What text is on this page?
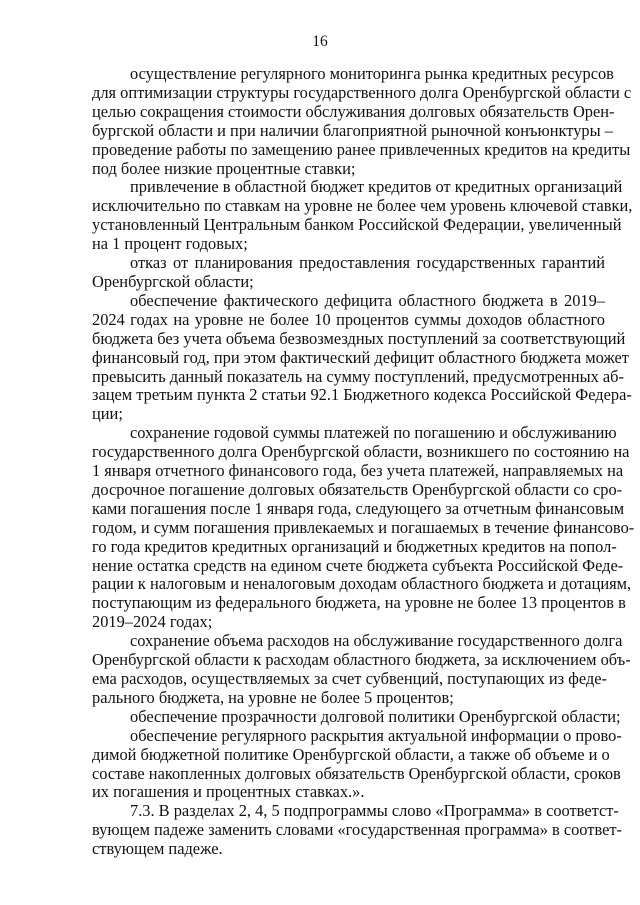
16
осуществление регулярного мониторинга рынка кредитных ресурсов
для оптимизации структуры государственного долга Оренбургской области с
целью сокращения стоимости обслуживания долговых обязательств Орен-
бургской области и при наличии благоприятной рыночной конъюнктуры –
проведение работы по замещению ранее привлеченных кредитов на кредиты
под более низкие процентные ставки;
привлечение в областной бюджет кредитов от кредитных организаций
исключительно по ставкам на уровне не более чем уровень ключевой ставки,
установленный Центральным банком Российской Федерации, увеличенный
на 1 процент годовых;
отказ от планирования предоставления государственных гарантий
Оренбургской области;
обеспечение фактического дефицита областного бюджета в 2019–
2024 годах на уровне не более 10 процентов суммы доходов областного
бюджета без учета объема безвозмездных поступлений за соответствующий
финансовый год, при этом фактический дефицит областного бюджета может
превысить данный показатель на сумму поступлений, предусмотренных аб-
зацем третьим пункта 2 статьи 92.1 Бюджетного кодекса Российской Федера-
ции;
сохранение годовой суммы платежей по погашению и обслуживанию
государственного долга Оренбургской области, возникшего по состоянию на
1 января отчетного финансового года, без учета платежей, направляемых на
досрочное погашение долговых обязательств Оренбургской области со сро-
ками погашения после 1 января года, следующего за отчетным финансовым
годом, и сумм погашения привлекаемых и погашаемых в течение финансово-
го года кредитов кредитных организаций и бюджетных кредитов на попол-
нение остатка средств на едином счете бюджета субъекта Российской Феде-
рации к налоговым и неналоговым доходам областного бюджета и дотациям,
поступающим из федерального бюджета, на уровне не более 13 процентов в
2019–2024 годах;
сохранение объема расходов на обслуживание государственного долга
Оренбургской области к расходам областного бюджета, за исключением объ-
ема расходов, осуществляемых за счет субвенций, поступающих из феде-
рального бюджета, на уровне не более 5 процентов;
обеспечение прозрачности долговой политики Оренбургской области;
обеспечение регулярного раскрытия актуальной информации о прово-
димой бюджетной политике Оренбургской области, а также об объеме и о
составе накопленных долговых обязательств Оренбургской области, сроков
их погашения и процентных ставках.».
7.3. В разделах 2, 4, 5 подпрограммы слово «Программа» в соответст-
вующем падеже заменить словами «государственная программа» в соответ-
ствующем падеже.
